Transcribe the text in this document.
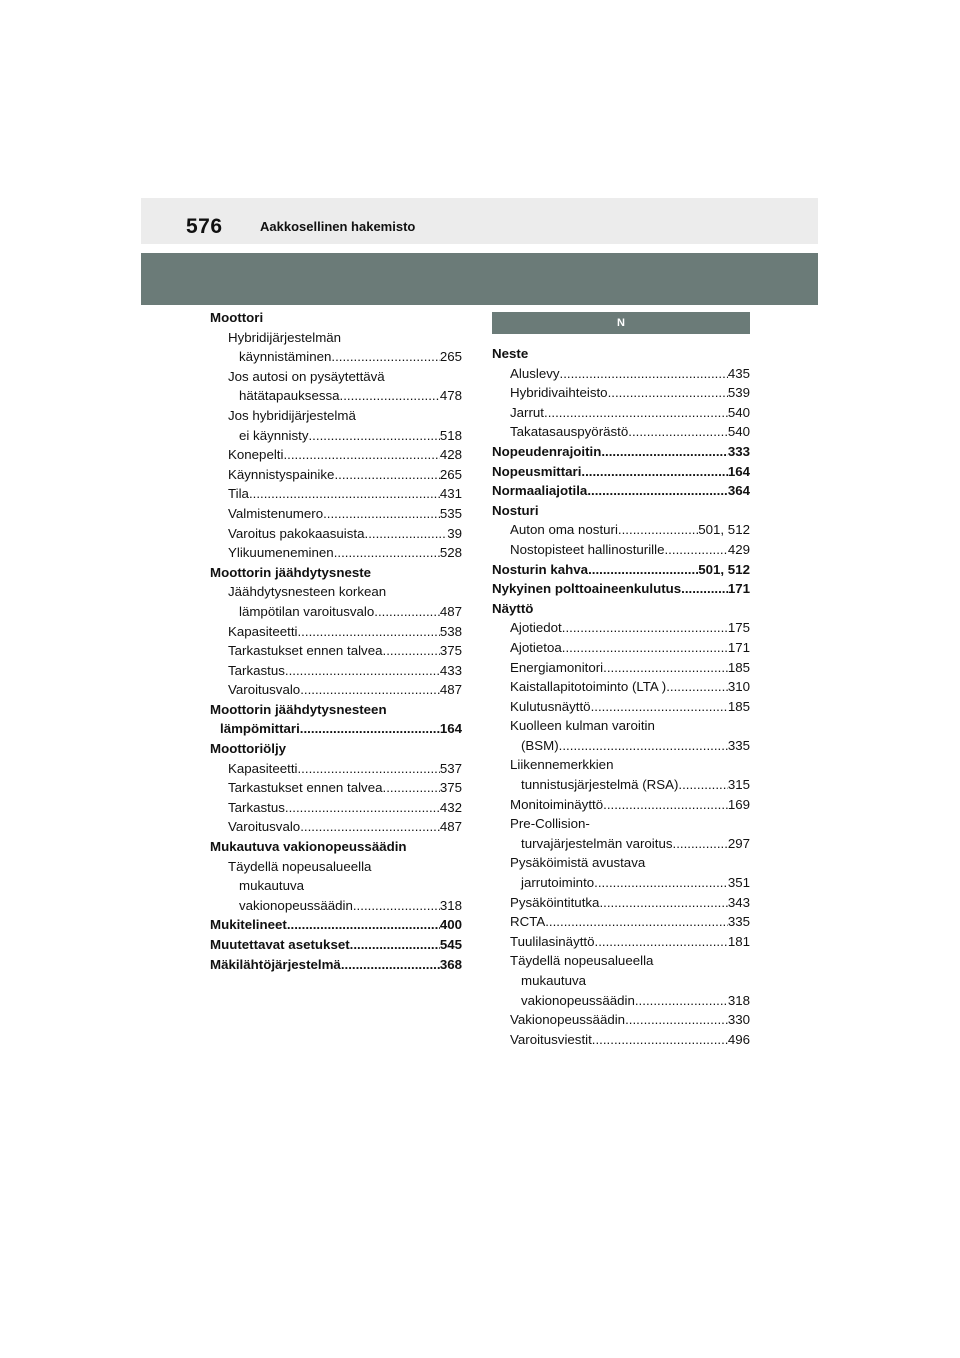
576	Aakkosellinen hakemisto
Moottori
Hybridijärjestelmän
käynnistäminen .....	265
Jos autosi on pysäytettävä
hätätapauksessa .....	478
Jos hybridijärjestelmä
ei käynnisty .....	518
Konepelti .....	428
Käynnistyspainike .....	265
Tila .....	431
Valmistenumero .....	535
Varoitus pakokaasuista .....	39
Ylikuumeneminen .....	528
Moottorin jäähdytysneste
Jäähdytysnesteen korkean
lämpötilan varoitusvalo .....	487
Kapasiteetti .....	538
Tarkastukset ennen talvea .....	375
Tarkastus .....	433
Varoitusvalo .....	487
Moottorin jäähdytysnesteen
lämpömittari .....	164
Moottoriöljy
Kapasiteetti .....	537
Tarkastukset ennen talvea .....	375
Tarkastus .....	432
Varoitusvalo .....	487
Mukautuva vakionopeussäädin
Täydellä nopeusalueella
mukautuva
vakionopeussäädin .....	318
Mukitelineet .....	400
Muutettavat asetukset .....	545
Mäkilähtöjärjestelmä .....	368
N
Neste
Aluslevy .....	435
Hybridivaihteisto .....	539
Jarrut .....	540
Takatasauspyörästö .....	540
Nopeudenrajoitin .....	333
Nopeusmittari .....	164
Normaaliajotila .....	364
Nosturi
Auton oma nosturi .....	501, 512
Nostopisteet hallinosturille .....	429
Nosturin kahva .....	501, 512
Nykyinen polttoaineenkulutus .....	171
Näyttö
Ajotiedot .....	175
Ajotietoa .....	171
Energiamonitori .....	185
Kaistallapitotoiminto (LTA ) .....	310
Kulutusnäyttö .....	185
Kuolleen kulman varoitin
(BSM) .....	335
Liikennemerkkien
tunnistusjärjestelmä (RSA) .....	315
Monitoiminäyttö .....	169
Pre-Collision-
turvajärjestelmän varoitus .....	297
Pysäköimistä avustava
jarrutoiminto .....	351
Pysäköintitutka .....	343
RCTA .....	335
Tuulilasinäyttö .....	181
Täydellä nopeusalueella
mukautuva
vakionopeussäädin .....	318
Vakionopeussäädin .....	330
Varoitusviestit .....	496
